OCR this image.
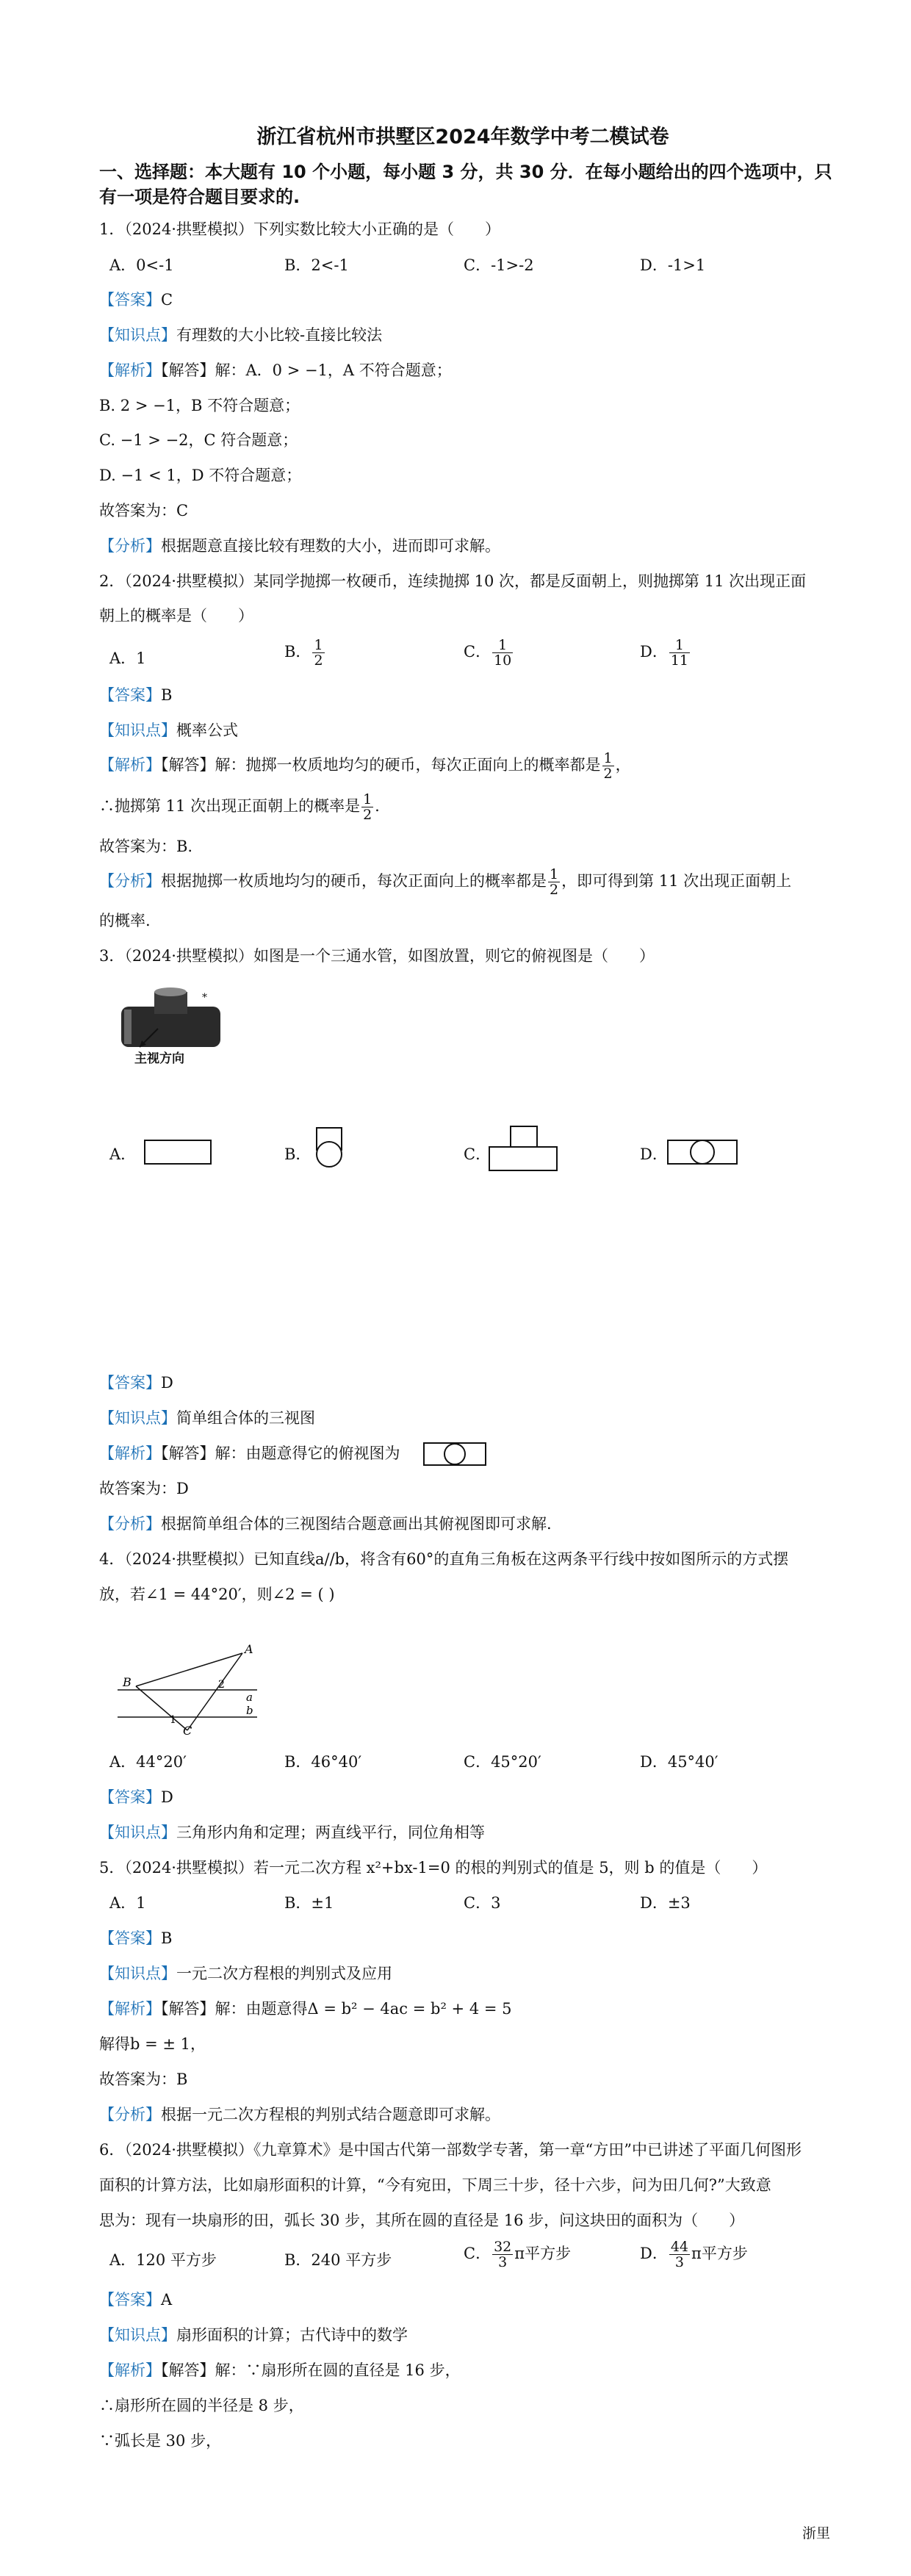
浙江省杭州市拱墅区2024年数学中考二模试卷
一、选择题：本大题有 10 个小题，每小题 3 分，共 30 分．在每小题给出的四个选项中，只
有一项是符合题目要求的.
1．（2024·拱墅模拟）下列实数比较大小正确的是（　　）
A．0<-1	B．2<-1	C．-1>-2	D．-1>1
【答案】C
【知识点】有理数的大小比较-直接比较法
【解析】【解答】解：A．0 > −1，A 不符合题意；
B. 2 > −1，B 不符合题意；
C. −1 > −2，C 符合题意；
D. −1 < 1，D 不符合题意；
故答案为：C
【分析】根据题意直接比较有理数的大小，进而即可求解。
2．（2024·拱墅模拟）某同学抛掷一枚硬币，连续抛掷 10 次，都是反面朝上，则抛掷第 11 次出现正面
朝上的概率是（　　）
A．1	B． $\frac{1}{2}$	C． $\frac{1}{10}$	D． $\frac{1}{11}$
【答案】B
【知识点】概率公式
【解析】【解答】解：抛掷一枚质地均匀的硬币，每次正面向上的概率都是 $\frac{1}{2}$ ，
∴抛掷第 11 次出现正面朝上的概率是 $\frac{1}{2}$ .
故答案为：B.
【分析】根据抛掷一枚质地均匀的硬币，每次正面向上的概率都是 $\frac{1}{2}$ ，即可得到第 11 次出现正面朝上
的概率.
3．（2024·拱墅模拟）如图是一个三通水管，如图放置，则它的俯视图是（　　）
*
主视方向
A．	B．	C．	D．
【答案】D
【知识点】简单组合体的三视图
【解析】【解答】解：由题意得它的俯视图为
故答案为：D
【分析】根据简单组合体的三视图结合题意画出其俯视图即可求解.
4．（2024·拱墅模拟）已知直线a//b，将含有60°的直角三角板在这两条平行线中按如图所示的方式摆
放，若∠1 = 44°20′，则∠2 = ( )
B
A
C
a
b
1
2
A．44°20′	B．46°40′	C．45°20′	D．45°40′
【答案】D
【知识点】三角形内角和定理；两直线平行，同位角相等
5．（2024·拱墅模拟）若一元二次方程 x²+bx-1=0 的根的判别式的值是 5，则 b 的值是（　　）
A．1	B．±1	C．3	D．±3
【答案】B
【知识点】一元二次方程根的判别式及应用
【解析】【解答】解：由题意得Δ = b² − 4ac = b² + 4 = 5
解得b = ± 1，
故答案为：B
【分析】根据一元二次方程根的判别式结合题意即可求解。
6．（2024·拱墅模拟）《九章算术》是中国古代第一部数学专著，第一章“方田”中已讲述了平面几何图形
面积的计算方法，比如扇形面积的计算，“今有宛田，下周三十步，径十六步，问为田几何?”大致意
思为：现有一块扇形的田，弧长 30 步，其所在圆的直径是 16 步，问这块田的面积为（　　）
A．120 平方步	B．240 平方步	C． $\frac{32}{3}$ π平方步	D． $\frac{44}{3}$ π平方步
【答案】A
【知识点】扇形面积的计算；古代诗中的数学
【解析】【解答】解：∵扇形所在圆的直径是 16 步，
∴扇形所在圆的半径是 8 步，
∵弧长是 30 步，
浙里
